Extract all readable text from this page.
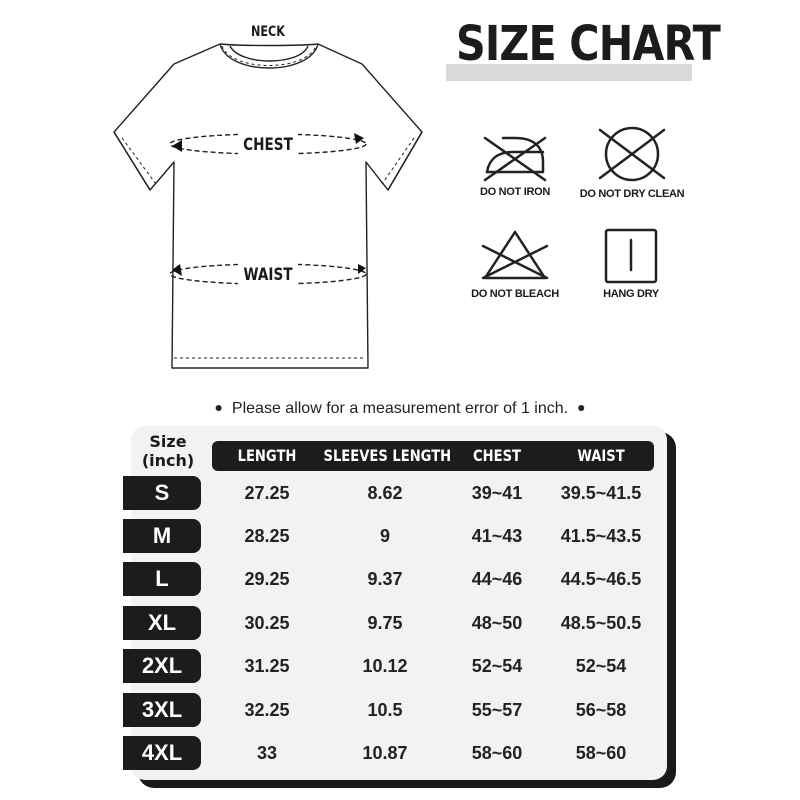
SIZE CHART
NECK
CHEST
WAIST
DO NOT IRON	DO NOT DRY CLEAN
DO NOT BLEACH	HANG DRY
● Please allow for a measurement error of 1 inch. ●
Size
(inch)	LENGTH	SLEEVES LENGTH	CHEST	WAIST
S	27.25	8.62	39~41	39.5~41.5
M	28.25	9	41~43	41.5~43.5
L	29.25	9.37	44~46	44.5~46.5
XL	30.25	9.75	48~50	48.5~50.5
2XL	31.25	10.12	52~54	52~54
3XL	32.25	10.5	55~57	56~58
4XL	33	10.87	58~60	58~60
